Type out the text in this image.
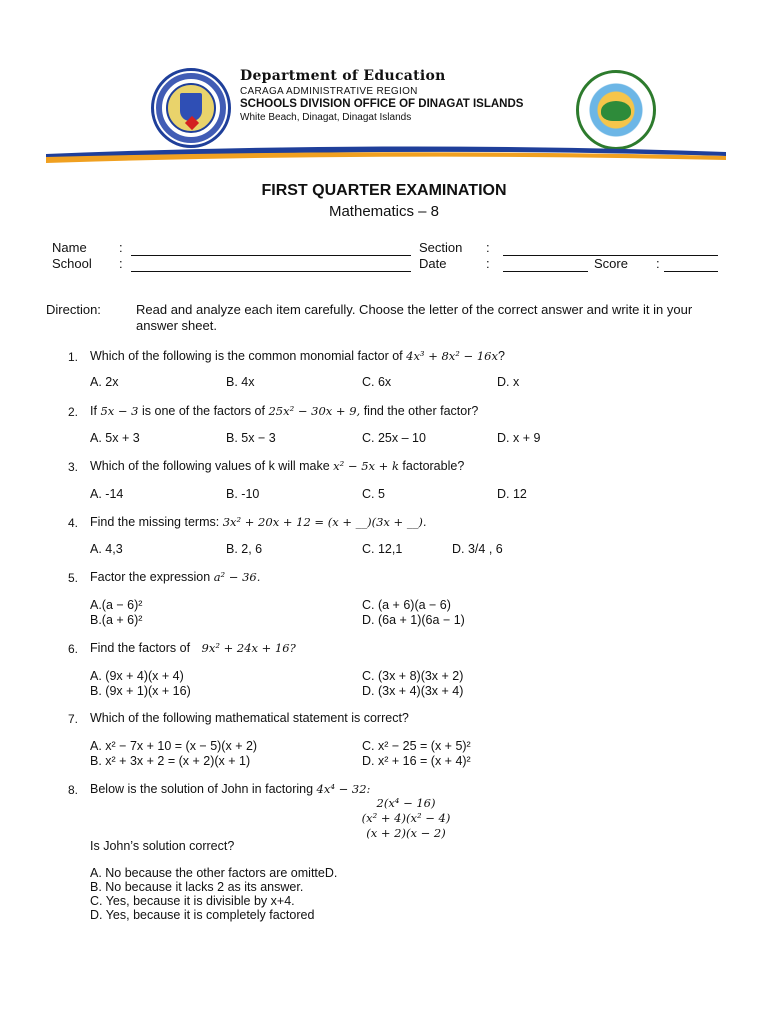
Department of Education
CARAGA ADMINISTRATIVE REGION
SCHOOLS DIVISION OFFICE OF DINAGAT ISLANDS
White Beach, Dinagat, Dinagat Islands
FIRST QUARTER EXAMINATION
Mathematics – 8
Name :	Section :
School :	Date	:	Score :
Direction:	Read and analyze each item carefully. Choose the letter of the correct answer and write it in your answer sheet.
1. Which of the following is the common monomial factor of 4x³ + 8x² − 16x?
A. 2x	B. 4x	C. 6x	D. x
2. If 5x − 3 is one of the factors of 25x² − 30x + 9, find the other factor?
A. 5x + 3	B. 5x − 3	C. 25x – 10	D. x + 9
3. Which of the following values of k will make x² − 5x + k factorable?
A. -14	B. -10	C. 5	D. 12
4. Find the missing terms: 3x² + 20x + 12 = (x + __)(3x + __).
A. 4,3	B. 2, 6	C. 12,1	D. 3/4 , 6
5. Factor the expression a² − 36.
A.(a − 6)²
B.(a + 6)²
C. (a + 6)(a − 6)
D. (6a + 1)(6a − 1)
6. Find the factors of 9x² + 24x + 16?
A. (9x + 4)(x + 4)
B. (9x + 1)(x + 16)
C. (3x + 8)(3x + 2)
D. (3x + 4)(3x + 4)
7. Which of the following mathematical statement is correct?
A. x² − 7x + 10 = (x − 5)(x + 2)
B. x² + 3x + 2 = (x + 2)(x + 1)
C. x² − 25 = (x + 5)²
D. x² + 16 = (x + 4)²
8. Below is the solution of John in factoring 4x⁴ − 32:
2(x⁴ − 16)
(x² + 4)(x² − 4)
(x + 2)(x − 2)
Is John’s solution correct?
A. No because the other factors are omitteD.
B. No because it lacks 2 as its answer.
C. Yes, because it is divisible by x+4.
D. Yes, because it is completely factored
